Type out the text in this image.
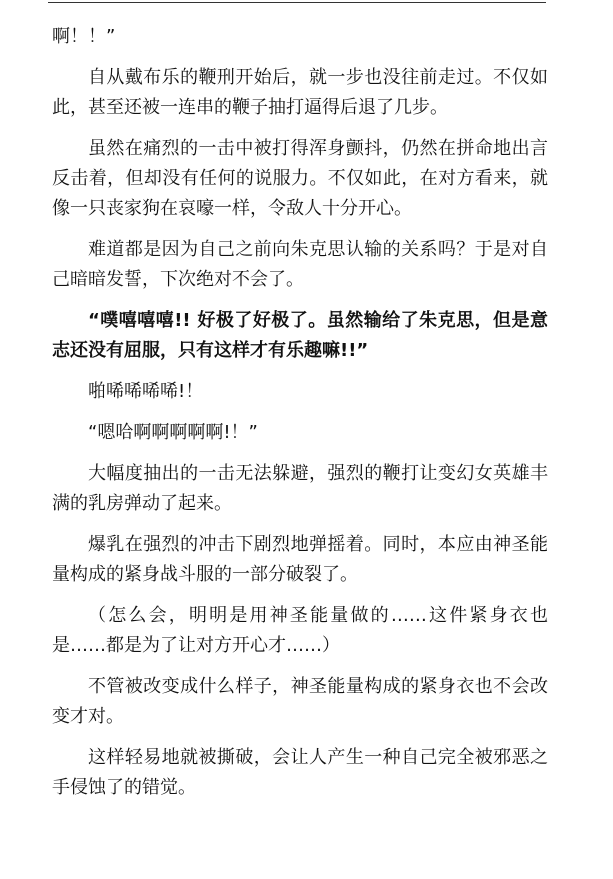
啊！！”

自从戴布乐的鞭刑开始后，就一步也没往前走过。不仅如此，甚至还被一连串的鞭子抽打逼得后退了几步。

虽然在痛烈的一击中被打得浑身颤抖，仍然在拼命地出言反击着，但却没有任何的说服力。不仅如此，在对方看来，就像一只丧家狗在哀嚎一样，令敌人十分开心。

难道都是因为自己之前向朱克思认输的关系吗？于是对自己暗暗发誓，下次绝对不会了。

“噗嘻嘻嘻!! 好极了好极了。虽然输给了朱克思，但是意志还没有屈服，只有这样才有乐趣嘛!!”

啪唏唏唏唏!！

“嗯哈啊啊啊啊啊!！”

大幅度抽出的一击无法躲避，强烈的鞭打让变幻女英雄丰满的乳房弹动了起来。

爆乳在强烈的冲击下剧烈地弹摇着。同时，本应由神圣能量构成的紧身战斗服的一部分破裂了。

（怎么会，明明是用神圣能量做的……这件紧身衣也是……都是为了让对方开心才……）

不管被改变成什么样子，神圣能量构成的紧身衣也不会改变才对。

这样轻易地就被撕破，会让人产生一种自己完全被邪恶之手侵蚀了的错觉。
